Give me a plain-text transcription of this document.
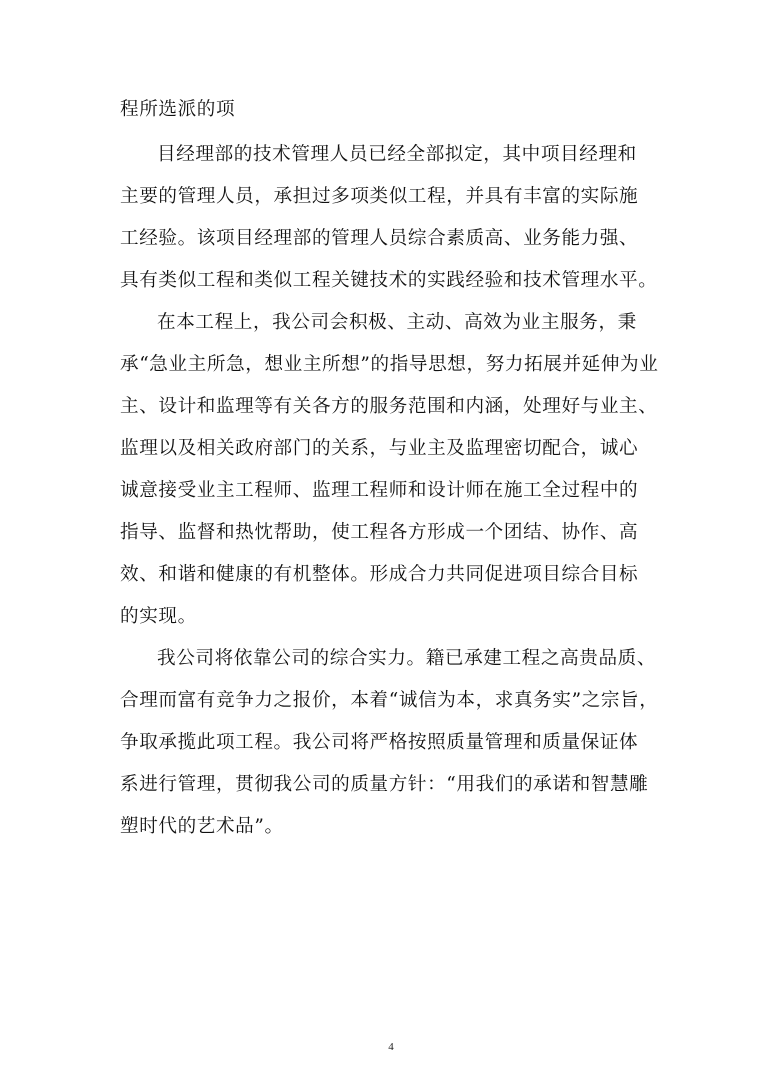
程所选派的项
目经理部的技术管理人员已经全部拟定，其中项目经理和
主要的管理人员，承担过多项类似工程，并具有丰富的实际施
工经验。该项目经理部的管理人员综合素质高、业务能力强、
具有类似工程和类似工程关键技术的实践经验和技术管理水平。
在本工程上，我公司会积极、主动、高效为业主服务，秉
承“急业主所急，想业主所想”的指导思想，努力拓展并延伸为业
主、设计和监理等有关各方的服务范围和内涵，处理好与业主、
监理以及相关政府部门的关系，与业主及监理密切配合，诚心
诚意接受业主工程师、监理工程师和设计师在施工全过程中的
指导、监督和热忱帮助，使工程各方形成一个团结、协作、高
效、和谐和健康的有机整体。形成合力共同促进项目综合目标
的实现。
我公司将依靠公司的综合实力。籍已承建工程之高贵品质、
合理而富有竞争力之报价，本着“诚信为本，求真务实”之宗旨，
争取承揽此项工程。我公司将严格按照质量管理和质量保证体
系进行管理，贯彻我公司的质量方针：“用我们的承诺和智慧雕
塑时代的艺术品”。
4
